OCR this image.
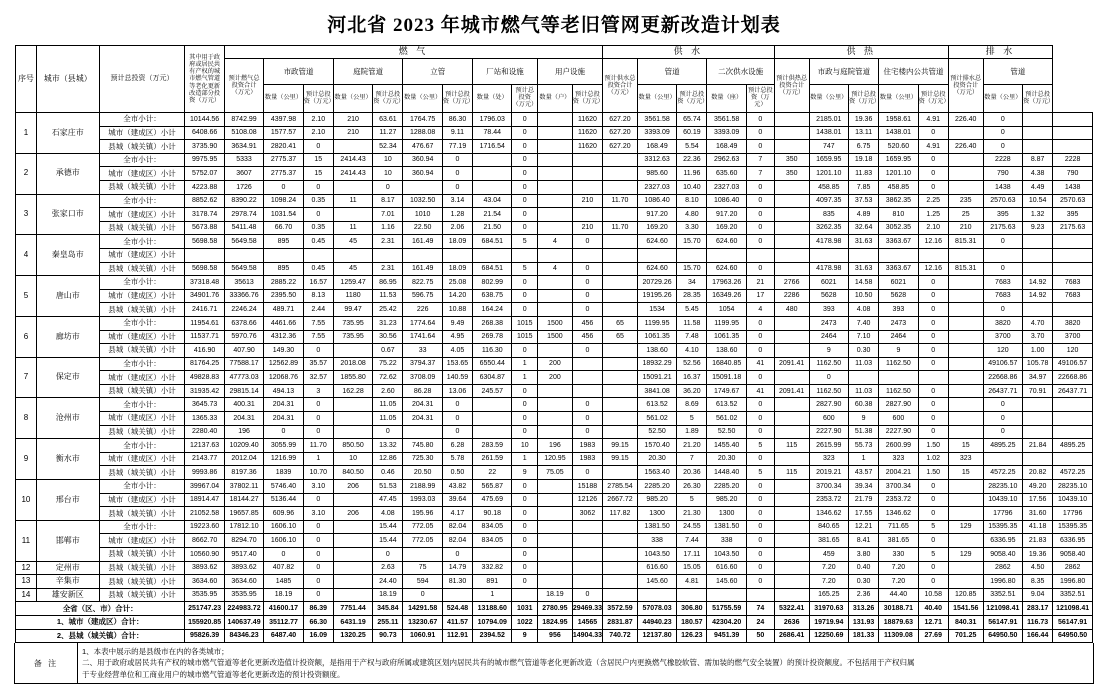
河北省 2023 年城市燃气等老旧管网更新改造计划表
序号	城市（县城）	预计总投资（万元）	其中用于政府或居民共有产权的城市燃气管道等老化更新改造部分投资（万元）	燃 气											供 水					供 热					排 水			
				预计燃气总投资合计（万元）	市政管道		庭院管道		立管		厂站和设施		用户设施		预计供水总投资合计（万元）	管道		二次供水设施		预计供热总投资合计（万元）	市政与庭院管道		住宅楼内公共管道		预计排水总投资合计（万元）	管道		
					数量（公里）	预计总投资（万元）	数量（公里）	预计总投资（万元）	数量（公里）	预计总投资（万元）	数量（处）	预计总投资（万元）	数量（户）	预计总投资（万元）		数量（公里）	预计总投资（万元）	数量（座）	预计总投资（万元）		数量（公里）	预计总投资（万元）	数量（公里）	预计总投资（万元）		数量（公里）	预计总投资（万元）	
1	石家庄市	全市小计：	10144.56	8742.99	4397.98	2.10	210	63.61	1764.75	86.30	1796.03	0		11620	627.20	3561.58	65.74	3561.58	0		2185.01	19.36	1958.61	4.91	226.40	0		
		城市（建成区）小计	6408.66	5108.08	1577.57	2.10	210	11.27	1288.08	9.11	78.44	0		11620	627.20	3393.09	60.19	3393.09	0		1438.01	13.11	1438.01	0		0		
		县城（城关镇）小计	3735.90	3634.91	2820.41	0		52.34	476.67	77.19	1716.54	0		11620	627.20	168.49	5.54	168.49	0		747	6.75	520.60	4.91	226.40	0		
2	承德市	全市小计：	9975.95	5333	2775.37	15	2414.43	10	360.94	0		0				3312.63	22.36	2962.63	7	350	1659.95	19.18	1659.95	0		2228	8.87	2228
		城市（建成区）小计	5752.07	3607	2775.37	15	2414.43	10	360.94	0		0				985.60	11.96	635.60	7	350	1201.10	11.83	1201.10	0		790	4.38	790
		县城（城关镇）小计	4223.88	1726	0	0		0		0		0				2327.03	10.40	2327.03	0		458.85	7.85	458.85	0		1438	4.49	1438
3	张家口市	全市小计：	8852.62	8390.22	1098.24	0.35	11	8.17	1032.50	3.14	43.04	0		210	11.70	1086.40	8.10	1086.40	0		4097.35	37.53	3862.35	2.25	235	2570.63	10.54	2570.63
		城市（建成区）小计	3178.74	2978.74	1031.54	0		7.01	1010	1.28	21.54	0				917.20	4.80	917.20	0		835	4.89	810	1.25	25	395	1.32	395
		县城（城关镇）小计	5673.88	5411.48	66.70	0.35	11	1.16	22.50	2.06	21.50	0		210	11.70	169.20	3.30	169.20	0		3262.35	32.64	3052.35	2.10	210	2175.63	9.23	2175.63
4	秦皇岛市	全市小计：	5698.58	5649.58	895	0.45	45	2.31	161.49	18.09	684.51	5	4	0		624.60	15.70	624.60	0		4178.98	31.63	3363.67	12.16	815.31	0		
		城市（建成区）小计																										
		县城（城关镇）小计	5698.58	5649.58	895	0.45	45	2.31	161.49	18.09	684.51	5	4	0		624.60	15.70	624.60	0		4178.98	31.63	3363.67	12.16	815.31	0		
5	唐山市	全市小计：	37318.48	35613	2885.22	16.57	1259.47	86.95	822.75	25.08	802.99	0		0		20729.26	34	17963.26	21	2766	6021	14.58	6021	0		7683	14.92	7683
		城市（建成区）小计	34901.76	33366.76	2395.50	8.13	1180	11.53	596.75	14.20	638.75	0		0		19195.26	28.35	16349.26	17	2286	5628	10.50	5628	0		7683	14.92	7683
		县城（城关镇）小计	2416.71	2246.24	489.71	2.44	99.47	25.42	226	10.88	164.24	0		0		1534	5.45	1054	4	480	393	4.08	393	0		0		
6	廊坊市	全市小计：	11954.61	6378.66	4461.66	7.55	735.95	31.23	1774.64	9.49	268.38	1015	1500	456	65	1199.95	11.58	1199.95	0		2473	7.40	2473	0		3820	4.70	3820
		城市（建成区）小计	11537.71	5970.76	4312.36	7.55	735.95	30.56	1741.64	4.95	269.78	1015	1500	456	65	1061.35	7.48	1061.35	0		2464	7.10	2464	0		3700	3.70	3700
		县城（城关镇）小计	416.90	407.90	149.30	0		0.67	33	4.05	116.30	0		0		138.60	4.10	138.60	0		9	0.30	9	0		120	1.00	120
7	保定市	全市小计：	81764.25	77588.17	12562.89	35.57	2018.08	75.22	3794.37	153.65	6550.44	1	200			18932.29	52.56	16840.85	41	2091.41	1162.50	11.03	1162.50	0		49106.57	105.78	49106.57
		城市（建成区）小计	49828.83	47773.03	12068.76	32.57	1855.80	72.62	3708.09	140.59	6304.87	1	200			15091.21	16.37	15091.18	0		0					22668.86	34.97	22668.86
		县城（城关镇）小计	31935.42	29815.14	494.13	3	162.28	2.60	86.28	13.06	245.57	0				3841.08	36.20	1749.67	41	2091.41	1162.50	11.03	1162.50	0		26437.71	70.91	26437.71
8	沧州市	全市小计：	3645.73	400.31	204.31	0		11.05	204.31	0		0		0		613.52	8.69	613.52	0		2827.90	60.38	2827.90	0		0		
		城市（建成区）小计	1365.33	204.31	204.31	0		11.05	204.31	0		0		0		561.02	5	561.02	0		600	9	600	0		0		
		县城（城关镇）小计	2280.40	196	0	0		0		0		0		0		52.50	1.89	52.50	0		2227.90	51.38	2227.90	0		0		
9	衡水市	全市小计：	12137.63	10209.40	3055.99	11.70	850.50	13.32	745.80	6.28	283.59	10	196	1983	99.15	1570.40	21.20	1455.40	5	115	2615.99	55.73	2600.99	1.50	15	4895.25	21.84	4895.25
		城市（建成区）小计	2143.77	2012.04	1216.99	1	10	12.86	725.30	5.78	261.59	1	120.95	1983	99.15	20.30	7	20.30	0		323	1	323	1.02	323			
		县城（城关镇）小计	9993.86	8197.36	1839	10.70	840.50	0.46	20.50	0.50	22	9	75.05	0		1563.40	20.36	1448.40	5	115	2019.21	43.57	2004.21	1.50	15	4572.25	20.82	4572.25
10	邢台市	全市小计：	39967.04	37802.11	5746.40	3.10	206	51.53	2188.99	43.82	565.87	0		15188	2785.54	2285.20	26.30	2285.20	0		3700.34	39.34	3700.34	0		28235.10	49.20	28235.10
		城市（建成区）小计	18914.47	18144.27	5136.44	0		47.45	1993.03	39.64	475.69	0		12126	2667.72	985.20	5	985.20	0		2353.72	21.79	2353.72	0		10439.10	17.56	10439.10
		县城（城关镇）小计	21052.58	19657.85	609.96	3.10	206	4.08	195.96	4.17	90.18	0		3062	117.82	1300	21.30	1300	0		1346.62	17.55	1346.62	0		17796	31.60	17796
11	邯郸市	全市小计：	19223.60	17812.10	1606.10	0		15.44	772.05	82.04	834.05	0				1381.50	24.55	1381.50	0		840.65	12.21	711.65	5	129	15395.35	41.18	15395.35
		城市（建成区）小计	8662.70	8294.70	1606.10	0		15.44	772.05	82.04	834.05	0				338	7.44	338	0		381.65	8.41	381.65	0		6336.95	21.83	6336.95
		县城（城关镇）小计	10560.90	9517.40	0	0		0		0		0				1043.50	17.11	1043.50	0		459	3.80	330	5	129	9058.40	19.36	9058.40
12	定州市	县城（城关镇）小计	3893.62	3893.62	407.82	0		2.63	75	14.79	332.82	0				616.60	15.05	616.60	0		7.20	0.40	7.20	0		2862	4.50	2862
13	辛集市	县城（城关镇）小计	3634.60	3634.60	1485	0		24.40	594	81.30	891	0				145.60	4.81	145.60	0		7.20	0.30	7.20	0		1996.80	8.35	1996.80
14	雄安新区	县城（城关镇）小计	3535.95	3535.95	18.19	0		18.19	0		1		18.19	0							165.25	2.36	44.40	10.58	120.85	3352.51	9.04	3352.51
全省（区、市）合计：			251747.23	224983.72	41600.17	86.39	7751.44	345.84	14291.58	524.48	13188.60	1031	2780.95	29469.33	3572.59	57078.03	306.80	51755.59	74	5322.41	31970.63	313.26	30188.71	40.40	1541.56	121098.41	283.17	121098.41
1、城市（建成区）合计：			155920.85	140637.49	35112.77	66.30	6431.19	255.11	13230.67	411.57	10794.09	1022	1824.95	14565	2831.87	44940.23	180.57	42304.20	24	2636	19719.94	131.93	18879.63	12.71	840.31	56147.91	116.73	56147.91
2、县城（城关镇）合计：			95826.39	84346.23	6487.40	16.09	1320.25	90.73	1060.91	112.91	2394.52	9	956	14904.33	740.72	12137.80	126.23	9451.39	50	2686.41	12250.69	181.33	11309.08	27.69	701.25	64950.50	166.44	64950.50
备 注
1、本表中展示的是县级市在内的各类城市；
二、用于政府或居民共有产权的城市燃气管道等老化更新改造值计投资额，是指用于产权与政府所属或建筑区划内居民共有的城市燃气管道等老化更新改造（含居民户内更换燃气橡胶软管、需加装的燃气安全装置）的预计投资额度。不包括用于产权归属
于专业经营单位和工商业用户的城市燃气管道等老化更新改造的预计投资额度。
